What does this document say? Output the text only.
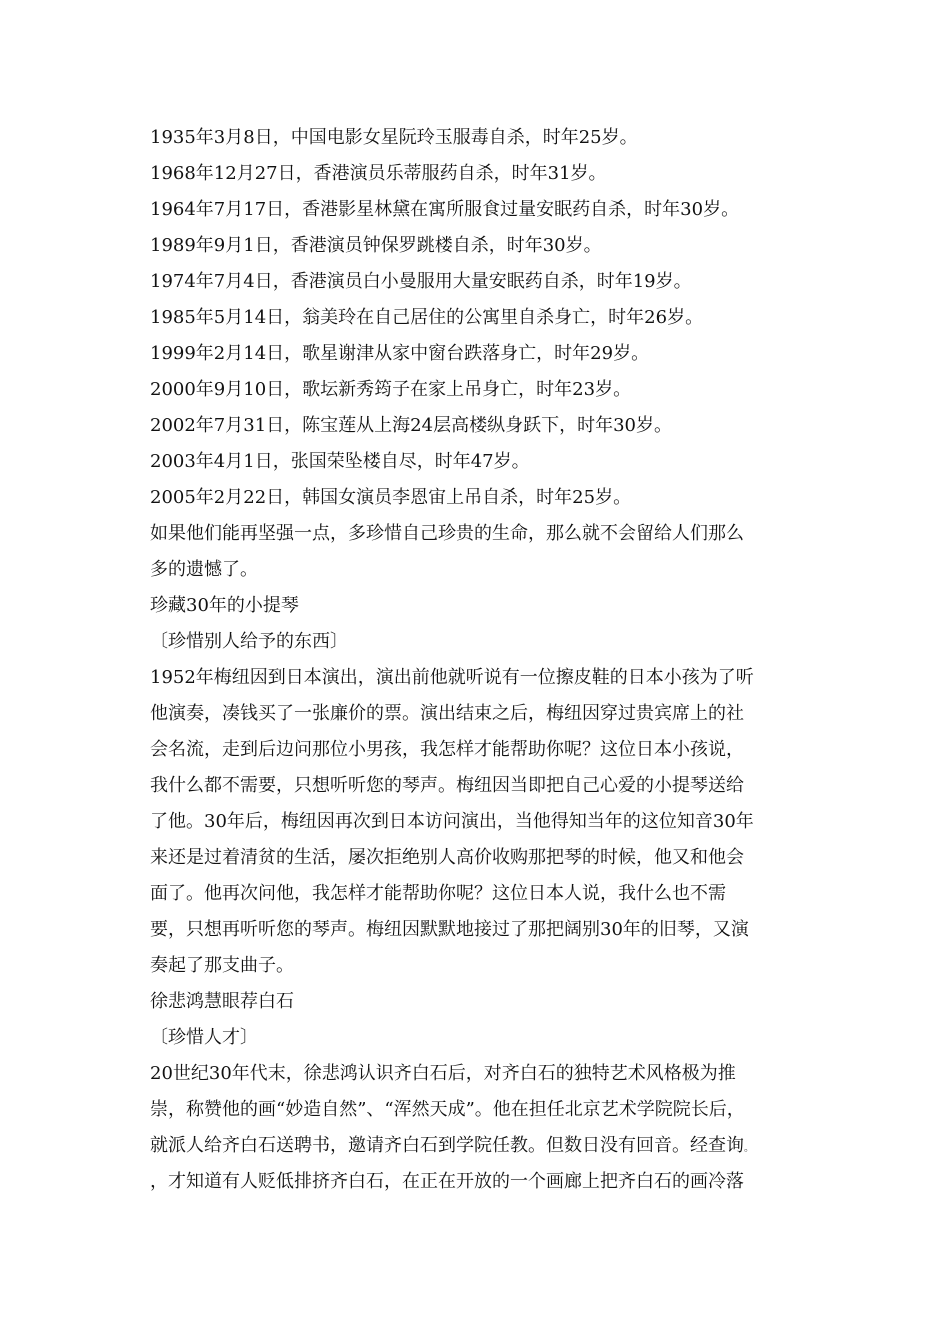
1935年3月8日，中国电影女星阮玲玉服毒自杀，时年25岁。
1968年12月27日，香港演员乐蒂服药自杀，时年31岁。
1964年7月17日，香港影星林黛在寓所服食过量安眠药自杀，时年30岁。
1989年9月1日，香港演员钟保罗跳楼自杀，时年30岁。
1974年7月4日，香港演员白小曼服用大量安眠药自杀，时年19岁。
1985年5月14日，翁美玲在自己居住的公寓里自杀身亡，时年26岁。
1999年2月14日，歌星谢津从家中窗台跌落身亡，时年29岁。
2000年9月10日，歌坛新秀筠子在家上吊身亡，时年23岁。
2002年7月31日，陈宝莲从上海24层高楼纵身跃下，时年30岁。
2003年4月1日，张国荣坠楼自尽，时年47岁。
2005年2月22日，韩国女演员李恩宙上吊自杀，时年25岁。
如果他们能再坚强一点，多珍惜自己珍贵的生命，那么就不会留给人们那么
多的遗憾了。
珍藏30年的小提琴
〔珍惜别人给予的东西〕
1952年梅纽因到日本演出，演出前他就听说有一位擦皮鞋的日本小孩为了听
他演奏，凑钱买了一张廉价的票。演出结束之后，梅纽因穿过贵宾席上的社
会名流，走到后边问那位小男孩，我怎样才能帮助你呢？这位日本小孩说，
我什么都不需要，只想听听您的琴声。梅纽因当即把自己心爱的小提琴送给
了他。30年后，梅纽因再次到日本访问演出，当他得知当年的这位知音30年
来还是过着清贫的生活，屡次拒绝别人高价收购那把琴的时候，他又和他会
面了。他再次问他，我怎样才能帮助你呢？这位日本人说，我什么也不需
要，只想再听听您的琴声。梅纽因默默地接过了那把阔别30年的旧琴，又演
奏起了那支曲子。
徐悲鸿慧眼荐白石
〔珍惜人才〕
20世纪30年代末，徐悲鸿认识齐白石后，对齐白石的独特艺术风格极为推
崇，称赞他的画“妙造自然”、“浑然天成”。他在担任北京艺术学院院长后，
就派人给齐白石送聘书，邀请齐白石到学院任教。但数日没有回音。经查询。
，才知道有人贬低排挤齐白石，在正在开放的一个画廊上把齐白石的画冷落
